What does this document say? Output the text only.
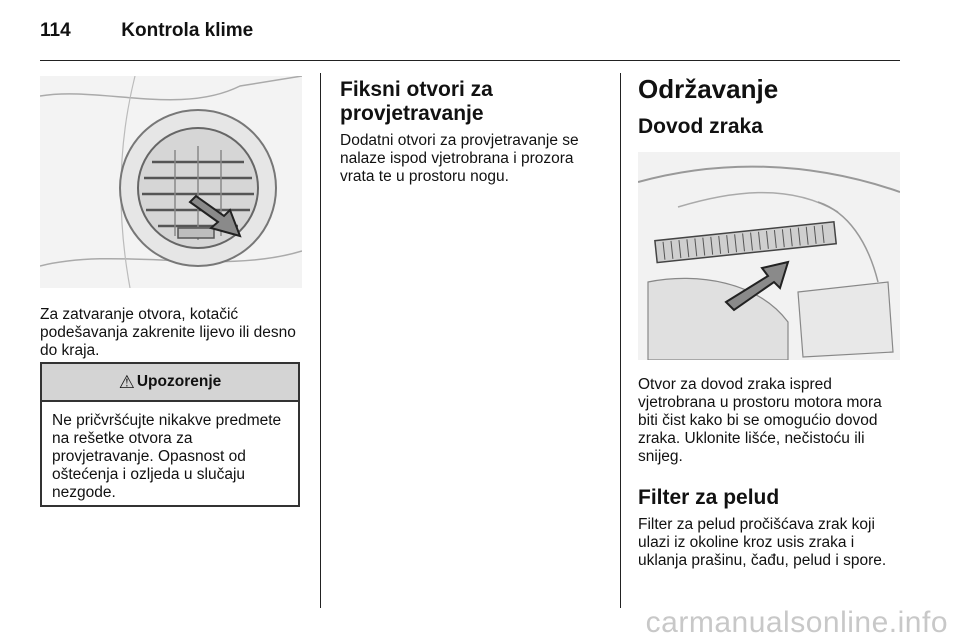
114	Kontrola klime

Za zatvaranje otvora, kotačić podešavanja zakrenite lijevo ili desno do kraja.

⚠ Upozorenje
Ne pričvršćujte nikakve predmete na rešetke otvora za provjetravanje. Opasnost od oštećenja i ozljeda u slučaju nezgode.
Fiksni otvori za provjetravanje

Dodatni otvori za provjetravanje se nalaze ispod vjetrobrana i prozora vrata te u prostoru nogu.

Održavanje
Dovod zraka

Otvor za dovod zraka ispred vjetrobrana u prostoru motora mora biti čist kako bi se omogućio dovod zraka. Uklonite lišće, nečistoću ili snijeg.

Filter za pelud

Filter za pelud pročišćava zrak koji ulazi iz okoline kroz usis zraka i uklanja prašinu, čađu, pelud i spore.

carmanualsonline.info
